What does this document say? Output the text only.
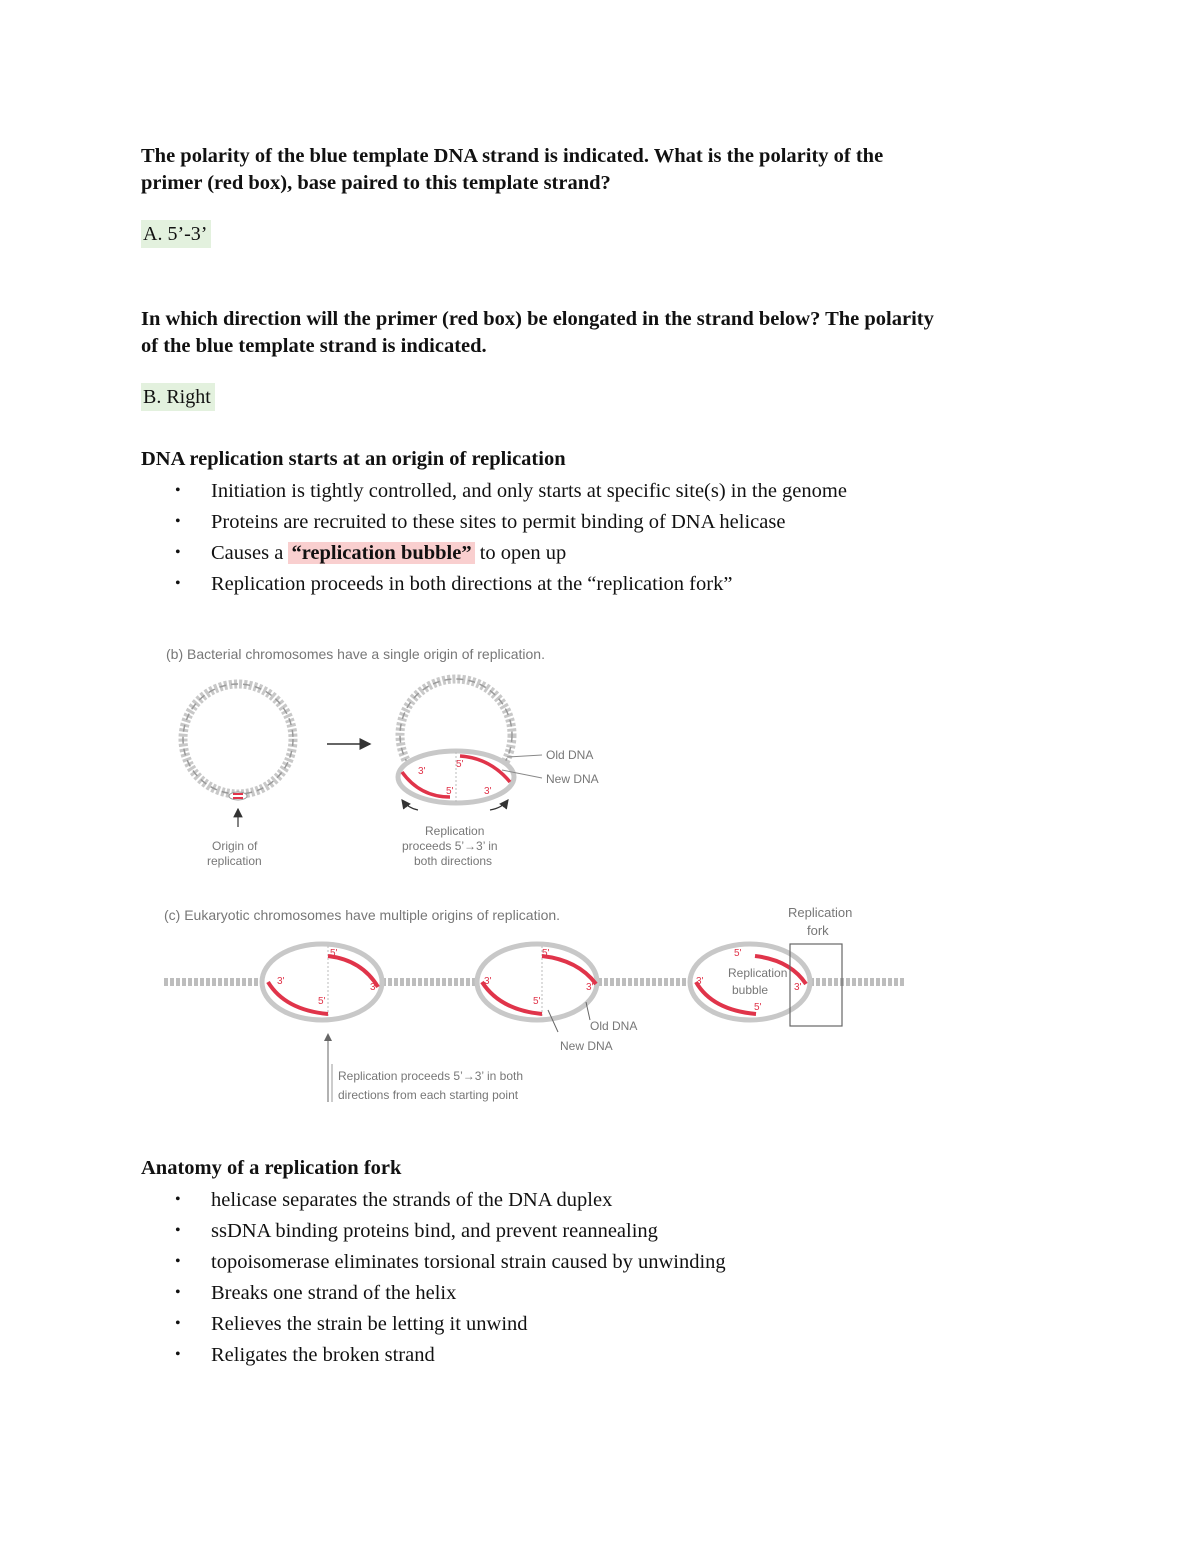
The polarity of the blue template DNA strand is indicated. What is the polarity of the
primer (red box), base paired to this template strand?
A. 5’-3’
In which direction will the primer (red box) be elongated in the strand below? The polarity
of the blue template strand is indicated.
B. Right
DNA replication starts at an origin of replication
• Initiation is tightly controlled, and only starts at specific site(s) in the genome
• Proteins are recruited to these sites to permit binding of DNA helicase
• Causes a “replication bubble” to open up
• Replication proceeds in both directions at the “replication fork”
(b) Bacterial chromosomes have a single origin of replication.
Origin of
replication
3'
5'
5'	3'
Old DNA
New DNA
Replication
proceeds 5’→3’ in
both directions
(c) Eukaryotic chromosomes have multiple origins of replication.	Replication
fork
3'
5'
5'
3'
3'
5'
5'
3'
Old DNA
New DNA
3'
5'
5'
3'
Replication
bubble
Replication proceeds 5’→3’ in both
directions from each starting point
Anatomy of a replication fork
• helicase separates the strands of the DNA duplex
• ssDNA binding proteins bind, and prevent reannealing
• topoisomerase eliminates torsional strain caused by unwinding
• Breaks one strand of the helix
• Relieves the strain be letting it unwind
• Religates the broken strand
